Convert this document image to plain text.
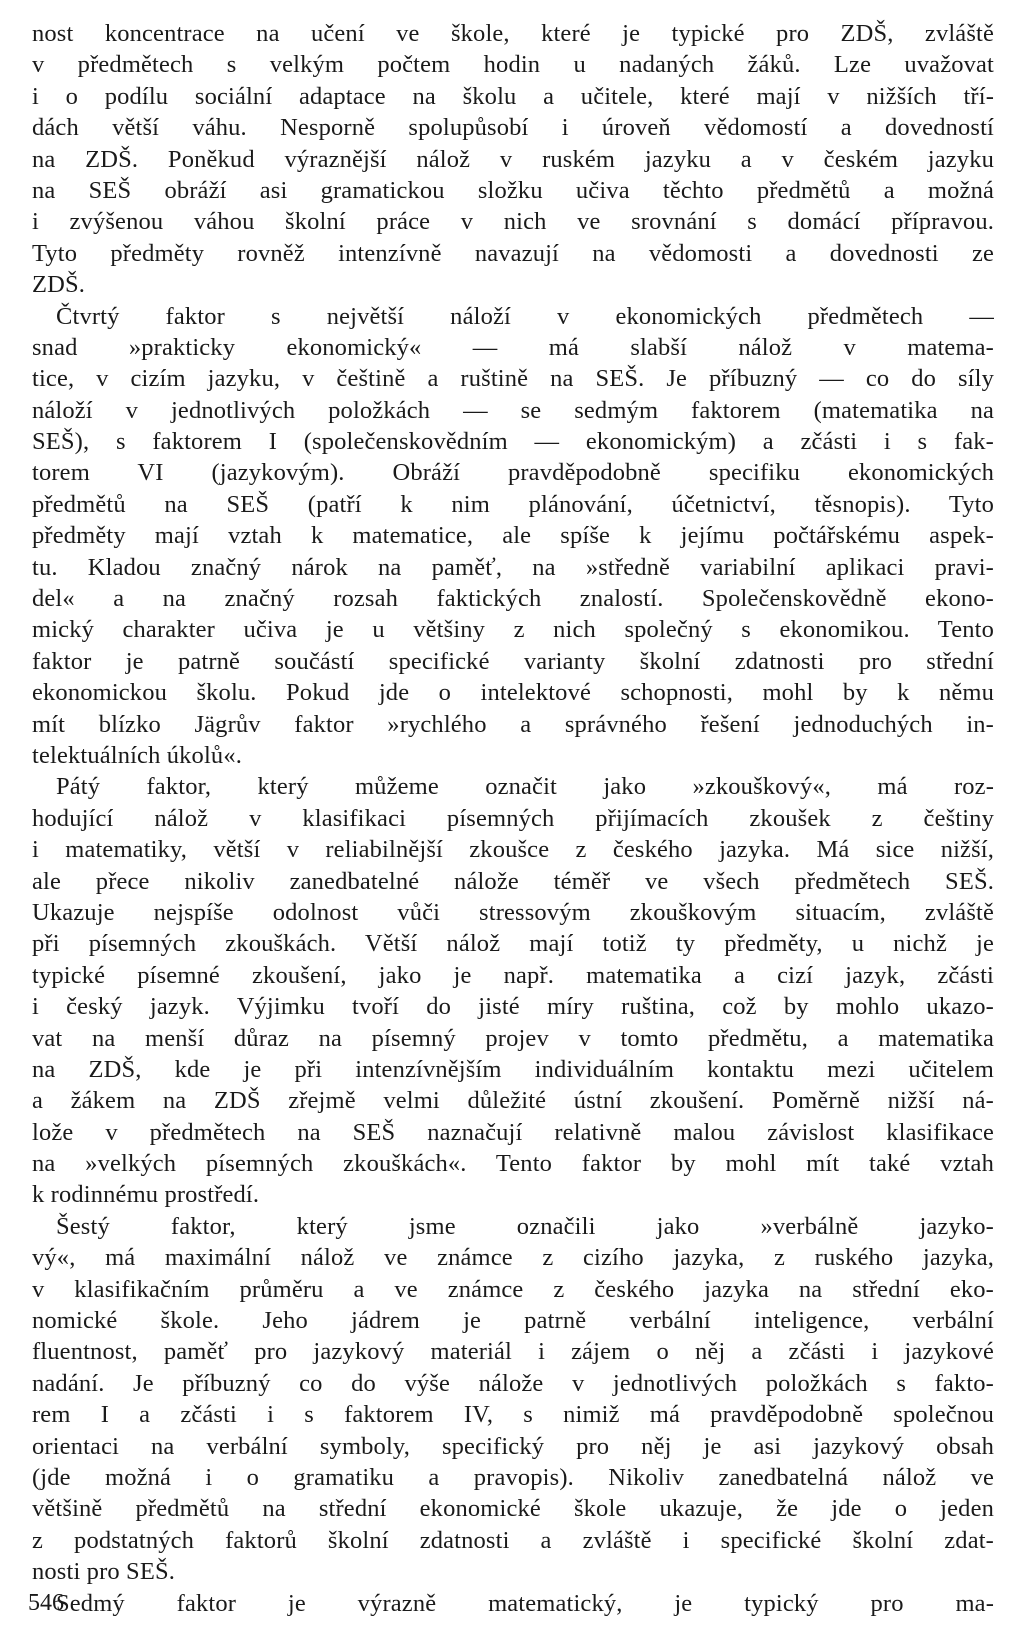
nost koncentrace na učení ve škole, které je typické pro ZDŠ, zvláště
v předmětech s velkým počtem hodin u nadaných žáků. Lze uvažovat
i o podílu sociální adaptace na školu a učitele, které mají v nižších tří-
dách větší váhu. Nesporně spolupůsobí i úroveň vědomostí a dovedností
na ZDŠ. Poněkud výraznější nálož v ruském jazyku a v českém jazyku
na SEŠ obráží asi gramatickou složku učiva těchto předmětů a možná
i zvýšenou váhou školní práce v nich ve srovnání s domácí přípravou.
Tyto předměty rovněž intenzívně navazují na vědomosti a dovednosti ze
ZDŠ.
Čtvrtý faktor s největší náloží v ekonomických předmětech —
snad »prakticky ekonomický« — má slabší nálož v matema-
tice, v cizím jazyku, v češtině a ruštině na SEŠ. Je příbuzný — co do síly
náloží v jednotlivých položkách — se sedmým faktorem (matematika na
SEŠ), s faktorem I (společenskovědním — ekonomickým) a zčásti i s fak-
torem VI (jazykovým). Obráží pravděpodobně specifiku ekonomických
předmětů na SEŠ (patří k nim plánování, účetnictví, těsnopis). Tyto
předměty mají vztah k matematice, ale spíše k jejímu počtářskému aspek-
tu. Kladou značný nárok na paměť, na »středně variabilní aplikaci pravi-
del« a na značný rozsah faktických znalostí. Společenskovědně ekono-
mický charakter učiva je u většiny z nich společný s ekonomikou. Tento
faktor je patrně součástí specifické varianty školní zdatnosti pro střední
ekonomickou školu. Pokud jde o intelektové schopnosti, mohl by k němu
mít blízko Jägrův faktor »rychlého a správného řešení jednoduchých in-
telektuálních úkolů«.
Pátý faktor, který můžeme označit jako »zkouškový«, má roz-
hodující nálož v klasifikaci písemných přijímacích zkoušek z češtiny
i matematiky, větší v reliabilnější zkoušce z českého jazyka. Má sice nižší,
ale přece nikoliv zanedbatelné nálože téměř ve všech předmětech SEŠ.
Ukazuje nejspíše odolnost vůči stressovým zkouškovým situacím, zvláště
při písemných zkouškách. Větší nálož mají totiž ty předměty, u nichž je
typické písemné zkoušení, jako je např. matematika a cizí jazyk, zčásti
i český jazyk. Výjimku tvoří do jisté míry ruština, což by mohlo ukazo-
vat na menší důraz na písemný projev v tomto předmětu, a matematika
na ZDŠ, kde je při intenzívnějším individuálním kontaktu mezi učitelem
a žákem na ZDŠ zřejmě velmi důležité ústní zkoušení. Poměrně nižší ná-
lože v předmětech na SEŠ naznačují relativně malou závislost klasifikace
na »velkých písemných zkouškách«. Tento faktor by mohl mít také vztah
k rodinnému prostředí.
Šestý faktor, který jsme označili jako »verbálně jazyko-
vý«, má maximální nálož ve známce z cizího jazyka, z ruského jazyka,
v klasifikačním průměru a ve známce z českého jazyka na střední eko-
nomické škole. Jeho jádrem je patrně verbální inteligence, verbální
fluentnost, paměť pro jazykový materiál i zájem o něj a zčásti i jazykové
nadání. Je příbuzný co do výše nálože v jednotlivých položkách s fakto-
rem I a zčásti i s faktorem IV, s nimiž má pravděpodobně společnou
orientaci na verbální symboly, specifický pro něj je asi jazykový obsah
(jde možná i o gramatiku a pravopis). Nikoliv zanedbatelná nálož ve
většině předmětů na střední ekonomické škole ukazuje, že jde o jeden
z podstatných faktorů školní zdatnosti a zvláště i specifické školní zdat-
nosti pro SEŠ.
Sedmý faktor je výrazně matematický, je typický pro ma-
546
